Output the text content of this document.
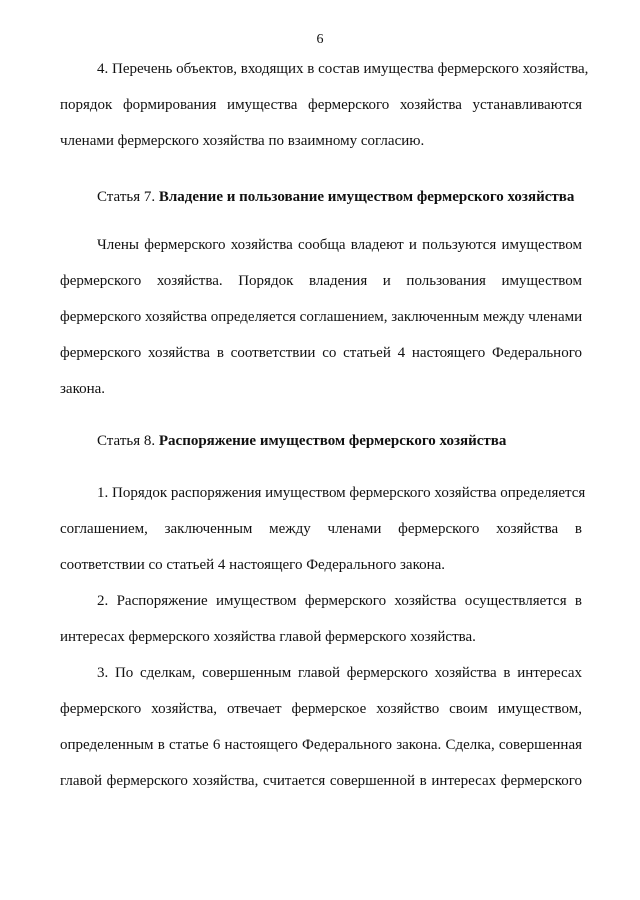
6
4. Перечень объектов, входящих в состав имущества фермерского хозяйства,
порядок формирования имущества фермерского хозяйства устанавливаются
членами фермерского хозяйства по взаимному согласию.
Статья 7. Владение и пользование имуществом фермерского хозяйства
Члены фермерского хозяйства сообща владеют и пользуются имуществом
фермерского хозяйства. Порядок владения и пользования имуществом
фермерского хозяйства определяется соглашением, заключенным между членами
фермерского хозяйства в соответствии со статьей 4 настоящего Федерального
закона.
Статья 8. Распоряжение имуществом фермерского хозяйства
1. Порядок распоряжения имуществом фермерского хозяйства определяется
соглашением, заключенным между членами фермерского хозяйства в
соответствии со статьей 4 настоящего Федерального закона.
2. Распоряжение имуществом фермерского хозяйства осуществляется в
интересах фермерского хозяйства главой фермерского хозяйства.
3. По сделкам, совершенным главой фермерского хозяйства в интересах
фермерского хозяйства, отвечает фермерское хозяйство своим имуществом,
определенным в статье 6 настоящего Федерального закона. Сделка, совершенная
главой фермерского хозяйства, считается совершенной в интересах фермерского
